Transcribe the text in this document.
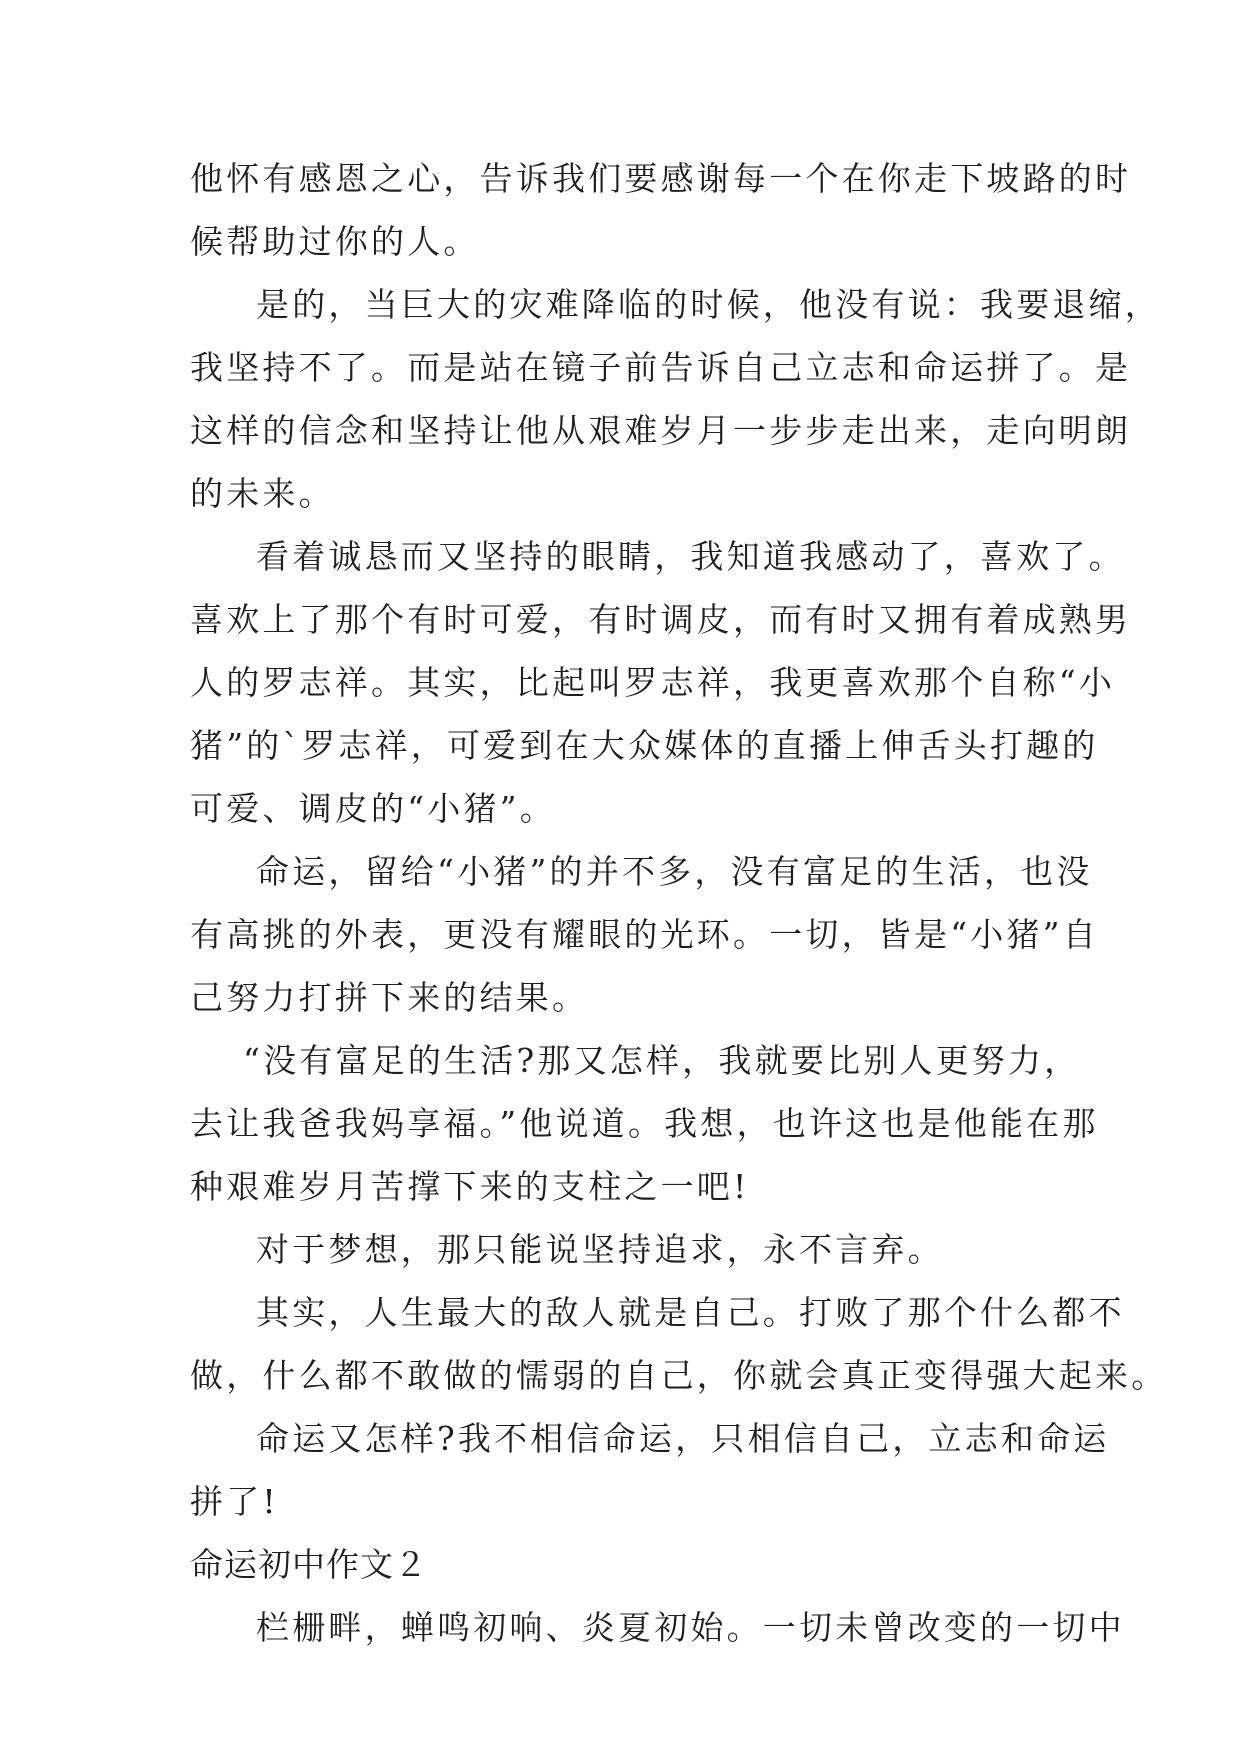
他怀有感恩之心，告诉我们要感谢每一个在你走下坡路的时
候帮助过你的人。
是的，当巨大的灾难降临的时候，他没有说：我要退缩，
我坚持不了。而是站在镜子前告诉自己立志和命运拼了。是
这样的信念和坚持让他从艰难岁月一步步走出来，走向明朗
的未来。
看着诚恳而又坚持的眼睛，我知道我感动了，喜欢了。
喜欢上了那个有时可爱，有时调皮，而有时又拥有着成熟男
人的罗志祥。其实，比起叫罗志祥，我更喜欢那个自称“小
猪”的`罗志祥，可爱到在大众媒体的直播上伸舌头打趣的
可爱、调皮的“小猪”。
命运，留给“小猪”的并不多，没有富足的生活，也没
有高挑的外表，更没有耀眼的光环。一切，皆是“小猪”自
己努力打拼下来的结果。
“没有富足的生活?那又怎样，我就要比别人更努力，
去让我爸我妈享福。”他说道。我想，也许这也是他能在那
种艰难岁月苦撑下来的支柱之一吧!
对于梦想，那只能说坚持追求，永不言弃。
其实，人生最大的敌人就是自己。打败了那个什么都不
做，什么都不敢做的懦弱的自己，你就会真正变得强大起来。
命运又怎样?我不相信命运，只相信自己，立志和命运
拼了!
命运初中作文２
栏栅畔，蝉鸣初响、炎夏初始。一切未曾改变的一切中
